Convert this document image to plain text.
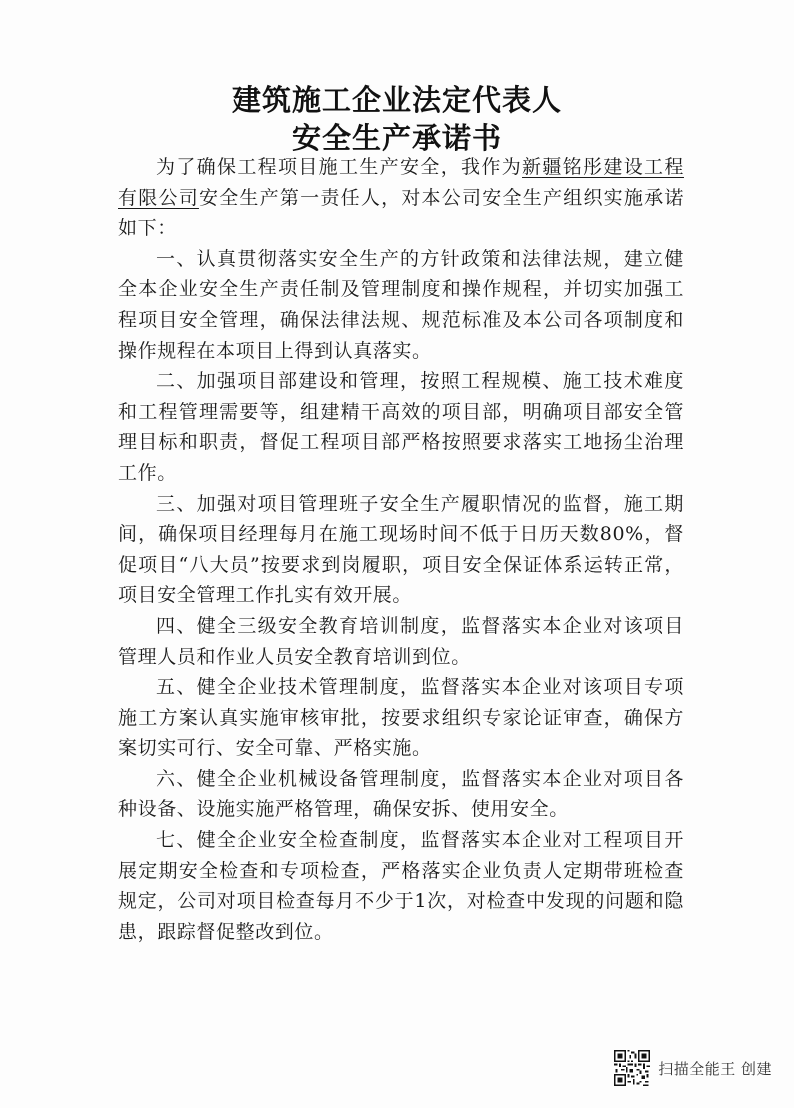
建筑施工企业法定代表人
安全生产承诺书

为了确保工程项目施工生产安全，我作为新疆铭彤建设工程有限公司安全生产第一责任人，对本公司安全生产组织实施承诺如下：

一、认真贯彻落实安全生产的方针政策和法律法规，建立健全本企业安全生产责任制及管理制度和操作规程，并切实加强工程项目安全管理，确保法律法规、规范标准及本公司各项制度和操作规程在本项目上得到认真落实。

二、加强项目部建设和管理，按照工程规模、施工技术难度和工程管理需要等，组建精干高效的项目部，明确项目部安全管理目标和职责，督促工程项目部严格按照要求落实工地扬尘治理工作。

三、加强对项目管理班子安全生产履职情况的监督，施工期间，确保项目经理每月在施工现场时间不低于日历天数80%，督促项目“八大员”按要求到岗履职，项目安全保证体系运转正常，项目安全管理工作扎实有效开展。

四、健全三级安全教育培训制度，监督落实本企业对该项目管理人员和作业人员安全教育培训到位。

五、健全企业技术管理制度，监督落实本企业对该项目专项施工方案认真实施审核审批，按要求组织专家论证审查，确保方案切实可行、安全可靠、严格实施。

六、健全企业机械设备管理制度，监督落实本企业对项目各种设备、设施实施严格管理，确保安拆、使用安全。

七、健全企业安全检查制度，监督落实本企业对工程项目开展定期安全检查和专项检查，严格落实企业负责人定期带班检查规定，公司对项目检查每月不少于1次，对检查中发现的问题和隐患，跟踪督促整改到位。

扫描全能王 创建
